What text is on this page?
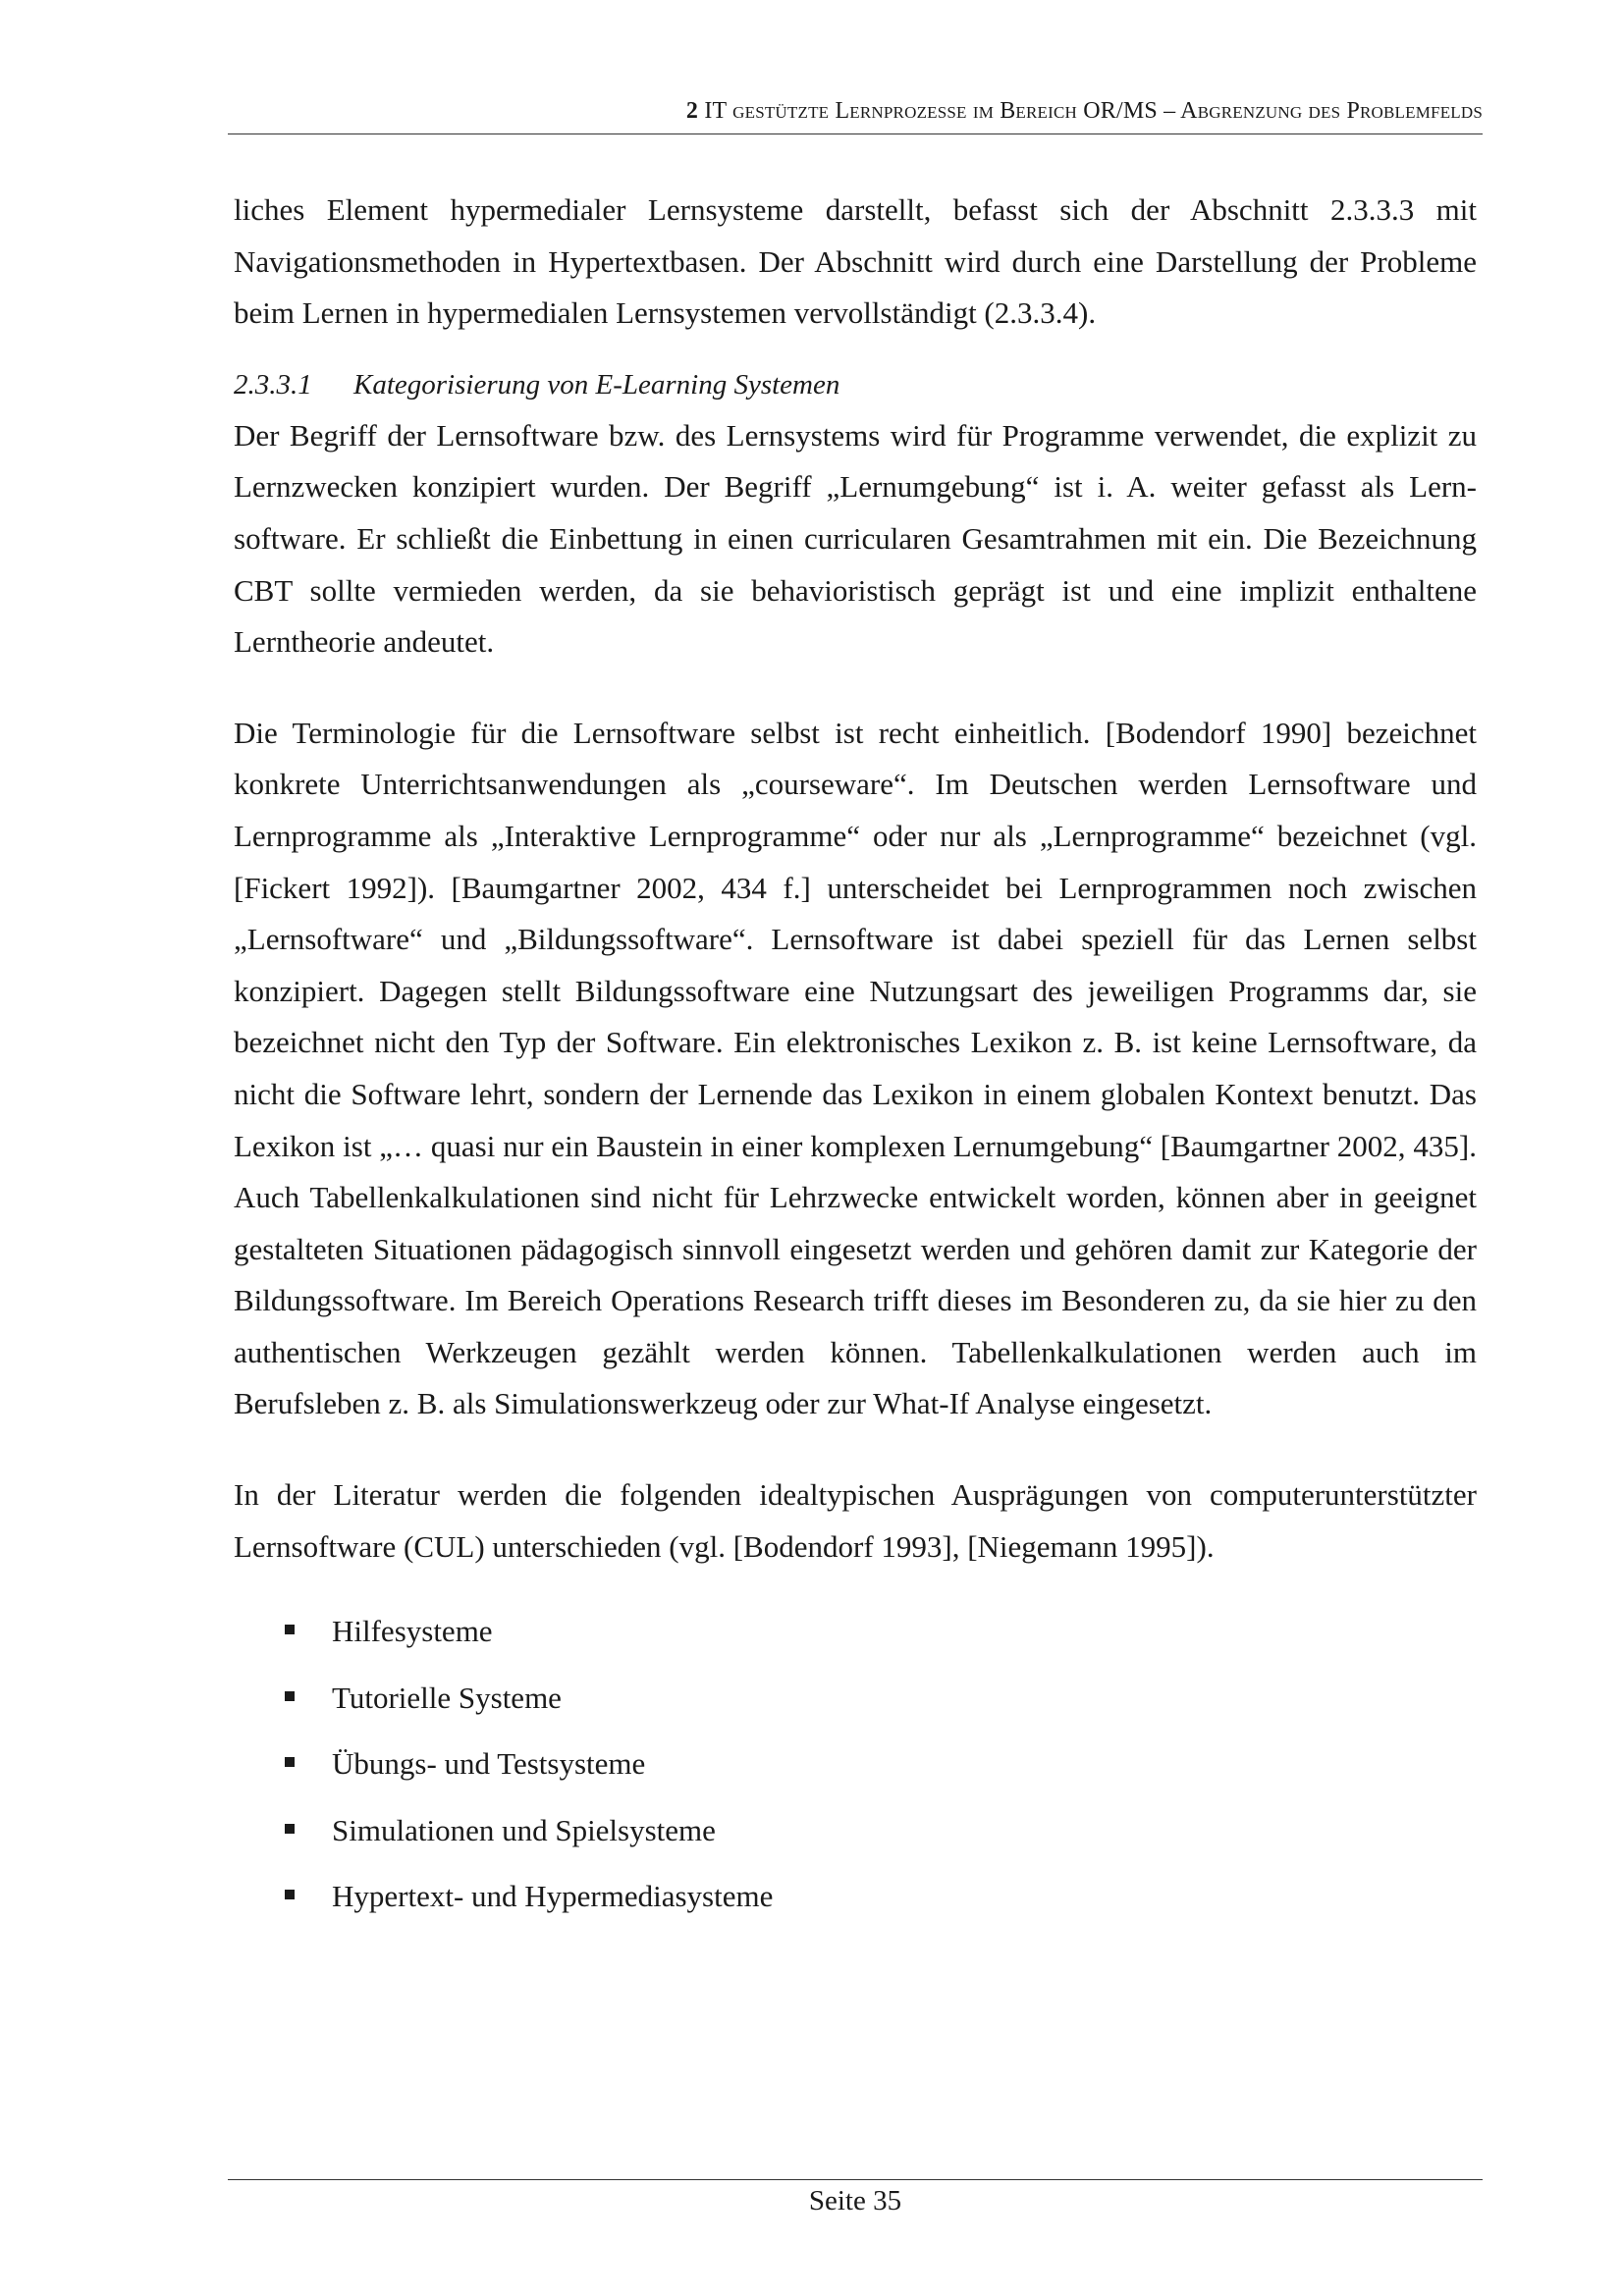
2 IT gestützte Lernprozesse im Bereich OR/MS – Abgrenzung des Problemfelds

liches Element hypermedialer Lernsysteme darstellt, befasst sich der Abschnitt 2.3.3.3 mit Navigationsmethoden in Hypertextbasen. Der Abschnitt wird durch eine Darstellung der Probleme beim Lernen in hypermedialen Lernsystemen vervollständigt (2.3.3.4).

2.3.3.1 Kategorisierung von E-Learning Systemen

Der Begriff der Lernsoftware bzw. des Lernsystems wird für Programme verwendet, die explizit zu Lernzwecken konzipiert wurden. Der Begriff „Lernumgebung“ ist i. A. weiter gefasst als Lernsoftware. Er schließt die Einbettung in einen curricularen Gesamtrahmen mit ein. Die Bezeichnung CBT sollte vermieden werden, da sie behavioristisch geprägt ist und eine implizit enthaltene Lerntheorie andeutet.

Die Terminologie für die Lernsoftware selbst ist recht einheitlich. [Bodendorf 1990] bezeichnet konkrete Unterrichtsanwendungen als „courseware“. Im Deutschen werden Lernsoftware und Lernprogramme als „Interaktive Lernprogramme“ oder nur als „Lernprogramme“ bezeichnet (vgl. [Fickert 1992]). [Baumgartner 2002, 434 f.] unterscheidet bei Lernprogrammen noch zwischen „Lernsoftware“ und „Bildungssoftware“. Lernsoftware ist dabei speziell für das Lernen selbst konzipiert. Dagegen stellt Bildungssoftware eine Nutzungsart des jeweiligen Programms dar, sie bezeichnet nicht den Typ der Software. Ein elektronisches Lexikon z. B. ist keine Lernsoftware, da nicht die Software lehrt, sondern der Lernende das Lexikon in einem globalen Kontext benutzt. Das Lexikon ist „… quasi nur ein Baustein in einer komplexen Lernumgebung“ [Baumgartner 2002, 435]. Auch Tabellenkalkulationen sind nicht für Lehrzwecke entwickelt worden, können aber in geeignet gestalteten Situationen pädagogisch sinnvoll eingesetzt werden und gehören damit zur Kategorie der Bildungssoftware. Im Bereich Operations Research trifft dieses im Besonderen zu, da sie hier zu den authentischen Werkzeugen gezählt werden können. Tabellenkalkulationen werden auch im Berufsleben z. B. als Simulationswerkzeug oder zur What-If Analyse eingesetzt.

In der Literatur werden die folgenden idealtypischen Ausprägungen von computerunterstützter Lernsoftware (CUL) unterschieden (vgl. [Bodendorf 1993], [Niegemann 1995]).

Hilfesysteme
Tutorielle Systeme
Übungs- und Testsysteme
Simulationen und Spielsysteme
Hypertext- und Hypermediasysteme
Seite 35
